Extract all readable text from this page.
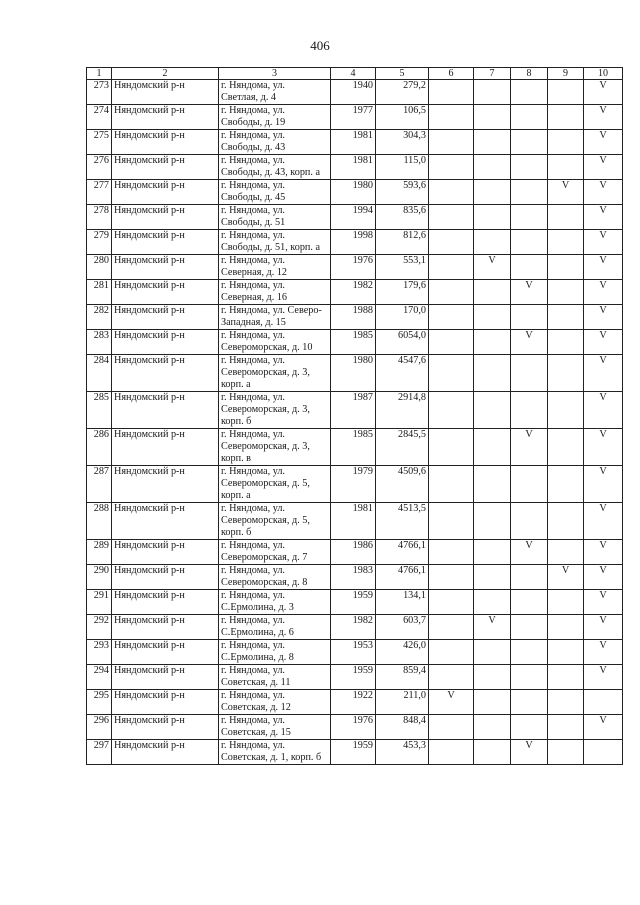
406
1	2	3	4	5	6	7	8	9	10
273	Няндомский р-н	г. Няндома, ул.
Светлая, д. 4	1940	279,2					V
274	Няндомский р-н	г. Няндома, ул.
Свободы, д. 19	1977	106,5					V
275	Няндомский р-н	г. Няндома, ул.
Свободы, д. 43	1981	304,3					V
276	Няндомский р-н	г. Няндома, ул.
Свободы, д. 43, корп. а	1981	115,0					V
277	Няндомский р-н	г. Няндома, ул.
Свободы, д. 45	1980	593,6				V	V
278	Няндомский р-н	г. Няндома, ул.
Свободы, д. 51	1994	835,6					V
279	Няндомский р-н	г. Няндома, ул.
Свободы, д. 51, корп. а	1998	812,6					V
280	Няндомский р-н	г. Няндома, ул.
Северная, д. 12	1976	553,1		V			V
281	Няндомский р-н	г. Няндома, ул.
Северная, д. 16	1982	179,6			V		V
282	Няндомский р-н	г. Няндома, ул. Северо-
Западная, д. 15	1988	170,0					V
283	Няндомский р-н	г. Няндома, ул.
Североморская, д. 10	1985	6054,0			V		V
284	Няндомский р-н	г. Няндома, ул.
Североморская, д. 3,
корп. а	1980	4547,6					V
285	Няндомский р-н	г. Няндома, ул.
Североморская, д. 3,
корп. б	1987	2914,8					V
286	Няндомский р-н	г. Няндома, ул.
Североморская, д. 3,
корп. в	1985	2845,5			V		V
287	Няндомский р-н	г. Няндома, ул.
Североморская, д. 5,
корп. а	1979	4509,6					V
288	Няндомский р-н	г. Няндома, ул.
Североморская, д. 5,
корп. б	1981	4513,5					V
289	Няндомский р-н	г. Няндома, ул.
Североморская, д. 7	1986	4766,1			V		V
290	Няндомский р-н	г. Няндома, ул.
Североморская, д. 8	1983	4766,1				V	V
291	Няндомский р-н	г. Няндома, ул.
С.Ермолина, д. 3	1959	134,1					V
292	Няндомский р-н	г. Няндома, ул.
С.Ермолина, д. 6	1982	603,7		V			V
293	Няндомский р-н	г. Няндома, ул.
С.Ермолина, д. 8	1953	426,0					V
294	Няндомский р-н	г. Няндома, ул.
Советская, д. 11	1959	859,4					V
295	Няндомский р-н	г. Няндома, ул.
Советская, д. 12	1922	211,0	V				
296	Няндомский р-н	г. Няндома, ул.
Советская, д. 15	1976	848,4					V
297	Няндомский р-н	г. Няндома, ул.
Советская, д. 1, корп. б	1959	453,3			V		
